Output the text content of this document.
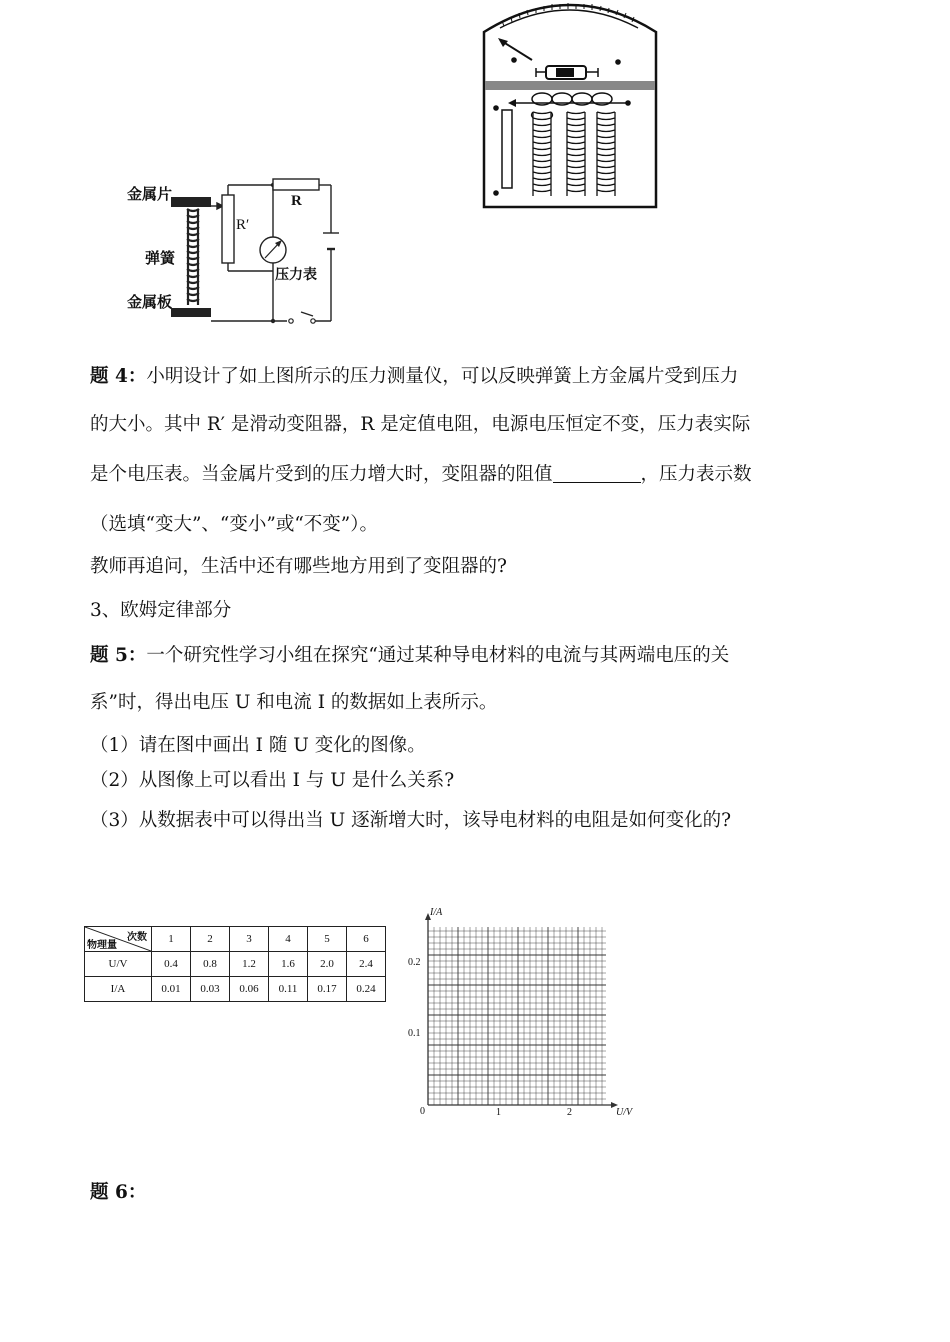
金属片
弹簧
金属板
R′
R
压力表
题 4：小明设计了如上图所示的压力测量仪，可以反映弹簧上方金属片受到压力
的大小。其中 R′ 是滑动变阻器，R 是定值电阻，电源电压恒定不变，压力表实际
是个电压表。当金属片受到的压力增大时，变阻器的阻值	，压力表示数
（选填“变大”、“变小”或“不变”）。
教师再追问，生活中还有哪些地方用到了变阻器的?
3、欧姆定律部分
题 5：一个研究性学习小组在探究“通过某种导电材料的电流与其两端电压的关
系”时，得出电压 U 和电流 I 的数据如上表所示。
（1）请在图中画出 I 随 U 变化的图像。
（2）从图像上可以看出 I 与 U 是什么关系?
（3）从数据表中可以得出当 U 逐渐增大时，该导电材料的电阻是如何变化的?
次数
物理量	1	2	3	4	5	6
U/V	0.4	0.8	1.2	1.6	2.0	2.4
I/A	0.01	0.03	0.06	0.11	0.17	0.24
I/A
0.2
0.1
0	1	2	U/V
题 6：
